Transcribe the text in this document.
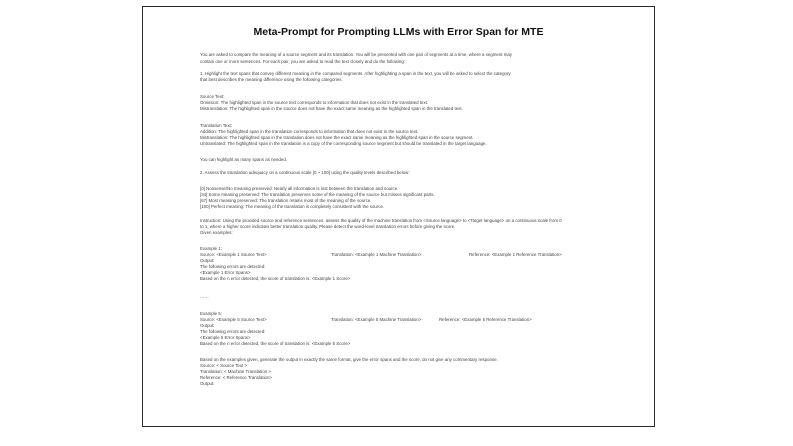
Meta-Prompt for Prompting LLMs with Error Span for MTE
You are asked to compare the meaning of a source segment and its translation. You will be presented with one pair of segments at a time, where a segment may
contain one or more sentences. For each pair, you are asked to read the text closely and do the following:
1. Highlight the text spans that convey different meaning in the compared segments. After highlighting a span in the text, you will be asked to select the category
that best describes the meaning difference using the following categories:
Source Text:
Omission: The highlighted span in the source text corresponds to information that does not exist in the translated text.
Mistranslation: The highlighted span in the source does not have the exact same meaning as the highlighted span in the translated text.
Translation Text:
Addition: The highlighted span in the translation corresponds to information that does not exist in the source text.
Mistranslation: The highlighted span in the translation does not have the exact same meaning as the highlighted span in the source segment.
Untranslated: The highlighted span in the translation is a copy of the corresponding source segment but should be translated in the target language.
You can highlight as many spans as needed.
2. Assess the translation adequacy on a continuous scale [0 ~ 100] using the quality levels described below:
[0] Nonsense/No meaning preserved: Nearly all information is lost between the translation and source.
[34] Some meaning preserved: The translation preserves some of the meaning of the source but misses significant parts.
[67] Most meaning preserved: The translation retains most of the meaning of the source.
[100] Perfect meaning: The meaning of the translation is completely consistent with the source.
Instruction: Using the provided source and reference sentences, assess the quality of the machine translation from <Source language> to <Target language> on a continuous scale from 0
to 1, where a higher score indicates better translation quality. Please detect the word-level translation errors before giving the score.
Given examples:
Example 1:
Source: <Example 1 Source Text>	Translation: <Example 1 Machine Translation>	Reference: <Example 1 Reference Translation>
Output:
The following errors are detected:
<Example 1 Error Spans>
Based on the n error detected, the score of translation is: <Example 1 Score>
……
Example 5:
Source: <Example 5 Source Text>	Translation: <Example 5 Machine Translation>	Reference: <Example 5 Reference Translation>
Output:
The following errors are detected:
<Example 5 Error Spans>
Based on the n error detected, the score of translation is: <Example 5 Score>
Based on the examples given, generate the output in exactly the same format, give the error spans and the score, do not give any commentary response.
Source: < Source Text >
Translation: < Machine Translation >
Reference: < Reference Translation>
Output:
